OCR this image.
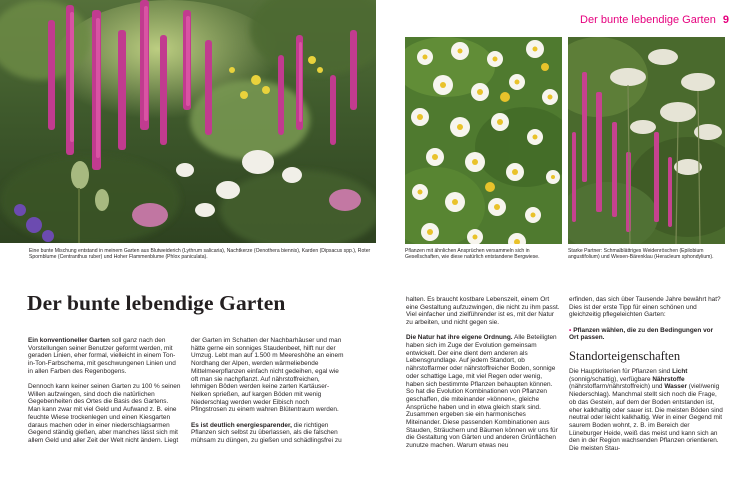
Der bunte lebendige Garten 9
Eine bunte Mischung entstand in meinem Garten aus Blutweiderich (Lythrum salicaria), Nachtkerze (Oenothera biennis), Karden (Dipsacus spp.), Roter Spornblume (Centranthus ruber) und Hoher Flammenblume (Phlox paniculata).
Pflanzen mit ähnlichen Ansprüchen versammeln sich in Gesellschaften, wie diese natürlich entstandene Bergwiese.
Starke Partner: Schmalblättriges Weidenröschen (Epilobium angustifolium) und Wiesen-Bärenklau (Heracleum sphondylium).
Der bunte lebendige Garten

Ein konventioneller Garten soll ganz nach den Vorstellungen seiner Benutzer geformt werden, mit geraden Linien, eher formal, vielleicht in einem Ton-in-Ton-Farbschema, mit geschwungenen Linien und in allen Farben des Regenbogens.

Dennoch kann keiner seinen Garten zu 100 % seinen Willen aufzwingen, sind doch die natürlichen Gegebenheiten des Ortes die Basis des Gartens. Man kann zwar mit viel Geld und Aufwand z. B. eine feuchte Wiese trockenlegen und einen Kiesgarten daraus machen oder in einer niederschlagsarmen Gegend ständig gießen, aber manches lässt sich mit allem Geld und aller Zeit der Welt nicht ändern. Liegt

der Garten im Schatten der Nachbarhäuser und man hätte gerne ein sonniges Staudenbeet, hilft nur der Umzug. Lebt man auf 1.500 m Meereshöhe an einem Nordhang der Alpen, werden wärmeliebende Mittelmeerpflanzen einfach nicht gedeihen, egal wie oft man sie nachpflanzt. Auf nährstoffreichen, lehmigen Böden werden keine zarten Kartäuser-Nelken sprießen, auf kargen Böden mit wenig Niederschlag werden weder Eibisch noch Pfingstrosen zu einem wahren Blütentraum werden.

Es ist deutlich energiesparender, die richtigen Pflanzen sich selbst zu überlassen, als die falschen mühsam zu düngen, zu gießen und schädlingsfrei zu

halten. Es braucht kostbare Lebenszeit, einem Ort eine Gestaltung aufzuzwingen, die nicht zu ihm passt. Viel einfacher und zielführender ist es, mit der Natur zu arbeiten, und nicht gegen sie.

Die Natur hat ihre eigene Ordnung. Alle Beteiligten haben sich im Zuge der Evolution gemeinsam entwickelt. Der eine dient dem anderen als Lebensgrundlage. Auf jedem Standort, ob nährstoffarmer oder nährstoffreicher Boden, sonnige oder schattige Lage, mit viel Regen oder wenig, haben sich bestimmte Pflanzen behaupten können. So hat die Evolution Kombinationen von Pflanzen geschaffen, die miteinander »können«, gleiche Ansprüche haben und in etwa gleich stark sind. Zusammen ergeben sie ein harmonisches Miteinander. Diese passenden Kombinationen aus Stauden, Sträuchern und Bäumen können wir uns für die Gestaltung von Gärten und anderen Grünflächen zunutze machen. Warum etwas neu

erfinden, das sich über Tausende Jahre bewährt hat? Dies ist der erste Tipp für einen schönen und gleichzeitig pflegeleichten Garten:

• Pflanzen wählen, die zu den Bedingungen vor Ort passen.

Standorteigenschaften

Die Hauptkriterien für Pflanzen sind Licht (sonnig/schattig), verfügbare Nährstoffe (nährstoffarm/nährstoffreich) und Wasser (viel/wenig Niederschlag). Manchmal stellt sich noch die Frage, ob das Gestein, auf dem der Boden entstanden ist, eher kalkhaltig oder sauer ist. Die meisten Böden sind neutral oder leicht kalkhaltig. Wer in einer Gegend mit saurem Boden wohnt, z. B. im Bereich der Lüneburger Heide, weiß das meist und kann sich an den in der Region wachsenden Pflanzen orientieren. Die meisten Stau-
